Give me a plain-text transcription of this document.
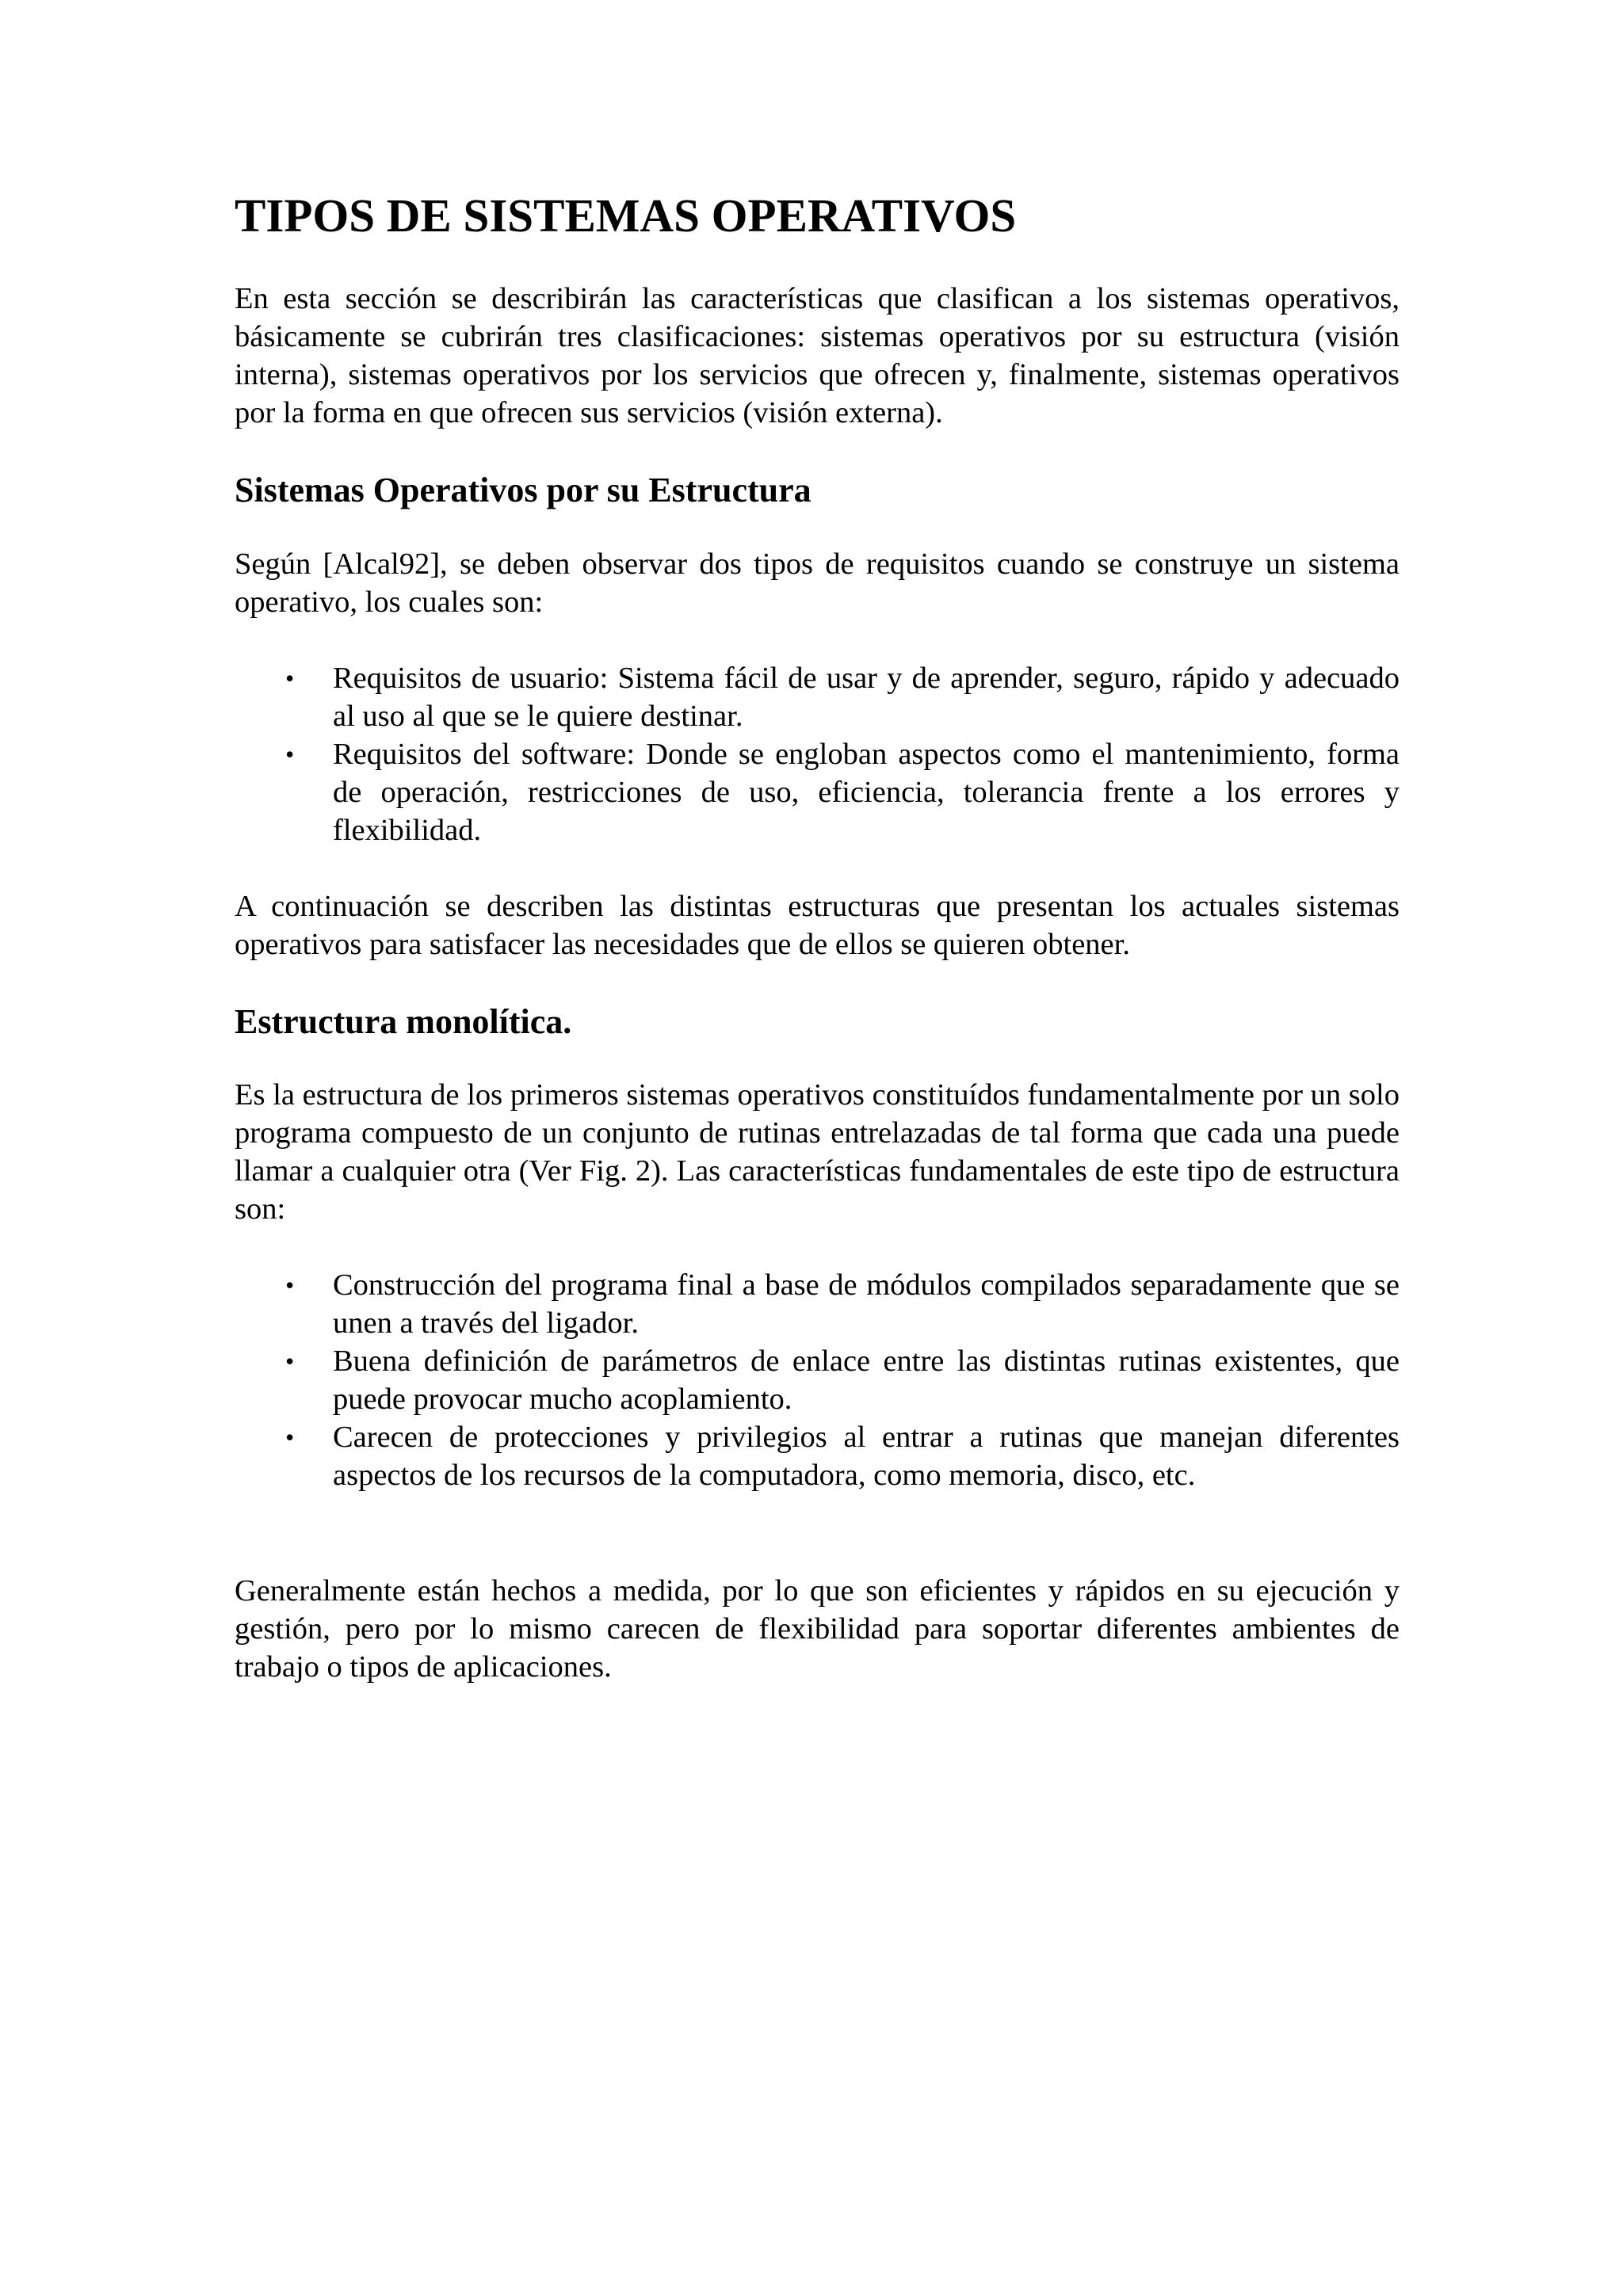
TIPOS DE SISTEMAS OPERATIVOS

En esta sección se describirán las características que clasifican a los sistemas operativos, básicamente se cubrirán tres clasificaciones: sistemas operativos por su estructura (visión interna), sistemas operativos por los servicios que ofrecen y, finalmente, sistemas operativos por la forma en que ofrecen sus servicios (visión externa).

Sistemas Operativos por su Estructura

Según [Alcal92], se deben observar dos tipos de requisitos cuando se construye un sistema operativo, los cuales son:

• Requisitos de usuario: Sistema fácil de usar y de aprender, seguro, rápido y adecuado al uso al que se le quiere destinar.
• Requisitos del software: Donde se engloban aspectos como el mantenimiento, forma de operación, restricciones de uso, eficiencia, tolerancia frente a los errores y flexibilidad.

A continuación se describen las distintas estructuras que presentan los actuales sistemas operativos para satisfacer las necesidades que de ellos se quieren obtener.

Estructura monolítica.

Es la estructura de los primeros sistemas operativos constituídos fundamentalmente por un solo programa compuesto de un conjunto de rutinas entrelazadas de tal forma que cada una puede llamar a cualquier otra (Ver Fig. 2). Las características fundamentales de este tipo de estructura son:

• Construcción del programa final a base de módulos compilados separadamente que se unen a través del ligador.
• Buena definición de parámetros de enlace entre las distintas rutinas existentes, que puede provocar mucho acoplamiento.
• Carecen de protecciones y privilegios al entrar a rutinas que manejan diferentes aspectos de los recursos de la computadora, como memoria, disco, etc.

Generalmente están hechos a medida, por lo que son eficientes y rápidos en su ejecución y gestión, pero por lo mismo carecen de flexibilidad para soportar diferentes ambientes de trabajo o tipos de aplicaciones.
